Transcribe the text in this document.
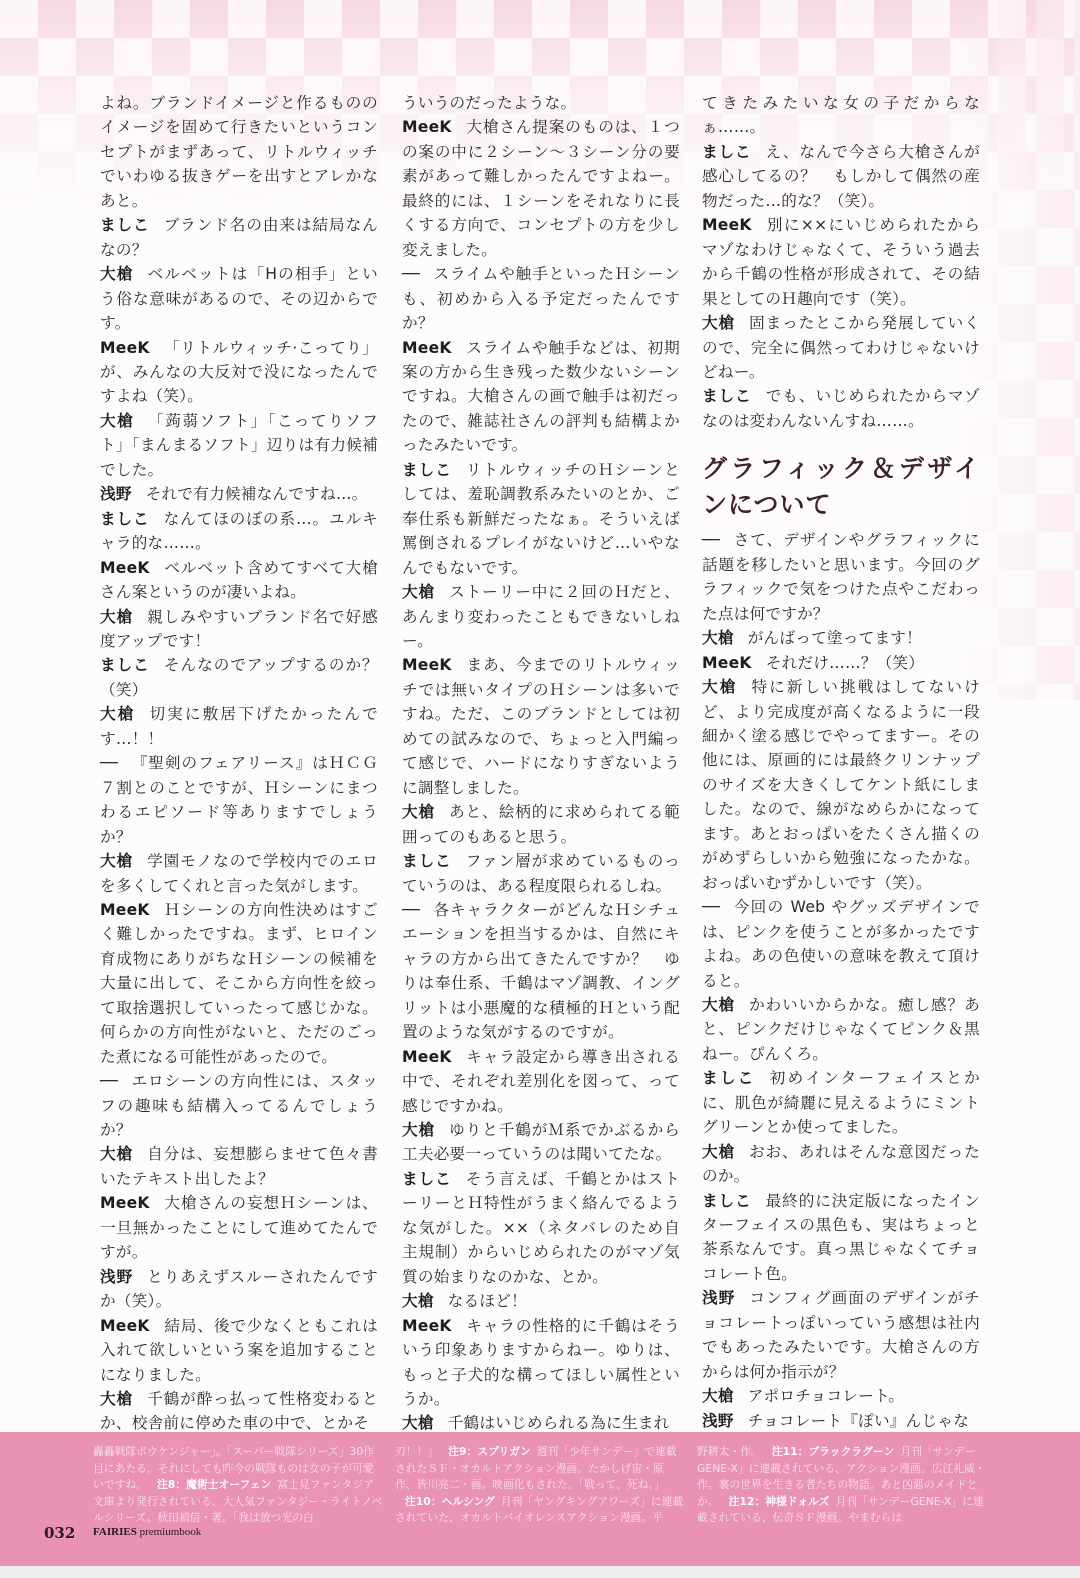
よね。ブランドイメージと作るもののイメージを固めて行きたいというコンセプトがまずあって、リトルウィッチでいわゆる抜きゲーを出すとアレかなあと。

ましこ ブランド名の由来は結局なんなの？

大槍 ベルベットは「Hの相手」という俗な意味があるので、その辺からです。

MeeK 「リトルウィッチ·こってり」が、みんなの大反対で没になったんですよね（笑）。

大槍 「蒟蒻ソフト」「こってりソフト」「まんまるソフト」辺りは有力候補でした。

浅野 それで有力候補なんですね…。

ましこ なんてほのぼの系…。ユルキャラ的な……。

MeeK ベルベット含めてすべて大槍さん案というのが凄いよね。

大槍 親しみやすいブランド名で好感度アップです！

ましこ そんなのでアップするのか？（笑）

大槍 切実に敷居下げたかったんです…！！

── 『聖剣のフェアリース』はＨＣＧ７割とのことですが、Ｈシーンにまつわるエピソード等ありますでしょうか？

大槍 学園モノなので学校内でのエロを多くしてくれと言った気がします。

MeeK Ｈシーンの方向性決めはすごく難しかったですね。まず、ヒロイン育成物にありがちなＨシーンの候補を大量に出して、そこから方向性を絞って取捨選択していったって感じかな。何らかの方向性がないと、ただのごった煮になる可能性があったので。

── エロシーンの方向性には、スタッフの趣味も結構入ってるんでしょうか？

大槍 自分は、妄想膨らませて色々書いたテキスト出したよ？

MeeK 大槍さんの妄想Ｈシーンは、一旦無かったことにして進めてたんですが。

浅野 とりあえずスルーされたんですか（笑）。

MeeK 結局、後で少なくともこれは入れて欲しいという案を追加することになりました。

大槍 千鶴が酔っ払って性格変わるとか、校舎前に停めた車の中で、とかそ

ういうのだったような。

MeeK 大槍さん提案のものは、１つの案の中に２シーン〜３シーン分の要素があって難しかったんですよねー。最終的には、１シーンをそれなりに長くする方向で、コンセプトの方を少し変えました。

── スライムや触手といったＨシーンも、初めから入る予定だったんですか？

MeeK スライムや触手などは、初期案の方から生き残った数少ないシーンですね。大槍さんの画で触手は初だったので、雑誌社さんの評判も結構よかったみたいです。

ましこ リトルウィッチのＨシーンとしては、羞恥調教系みたいのとか、ご奉仕系も新鮮だったなぁ。そういえば罵倒されるプレイがないけど…いやなんでもないです。

大槍 ストーリー中に２回のＨだと、あんまり変わったこともできないしねー。

MeeK まあ、今までのリトルウィッチでは無いタイプのＨシーンは多いですね。ただ、このブランドとしては初めての試みなので、ちょっと入門編って感じで、ハードになりすぎないように調整しました。

大槍 あと、絵柄的に求められてる範囲ってのもあると思う。

ましこ ファン層が求めているものっていうのは、ある程度限られるしね。

── 各キャラクターがどんなＨシチュエーションを担当するかは、自然にキャラの方から出てきたんですか？　ゆりは奉仕系、千鶴はマゾ調教、イングリットは小悪魔的な積極的Ｈという配置のような気がするのですが。

MeeK キャラ設定から導き出される中で、それぞれ差別化を図って、って感じですかね。

大槍 ゆりと千鶴がＭ系でかぶるから工夫必要一っていうのは聞いてたな。

ましこ そう言えば、千鶴とかはストーリーとＨ特性がうまく絡んでるような気がした。××（ネタバレのため自主規制）からいじめられたのがマゾ気質の始まりなのかな、とか。

大槍 なるほど！

MeeK キャラの性格的に千鶴はそういう印象ありますからねー。ゆりは、もっと子犬的な構ってほしい属性というか。

大槍 千鶴はいじめられる為に生まれ

てきたみたいな女の子だからなぁ……。

ましこ え、なんで今さら大槍さんが感心してるの？　もしかして偶然の産物だった…的な？（笑）。

MeeK 別に××にいじめられたからマゾなわけじゃなくて、そういう過去から千鶴の性格が形成されて、その結果としてのＨ趣向です（笑）。

大槍 固まったとこから発展していくので、完全に偶然ってわけじゃないけどねー。

ましこ でも、いじめられたからマゾなのは変わんないんすね……。

グラフィック＆デザインについて

── さて、デザインやグラフィックに話題を移したいと思います。今回のグラフィックで気をつけた点やこだわった点は何ですか？

大槍 がんばって塗ってます！

MeeK それだけ……？（笑）

大槍 特に新しい挑戦はしてないけど、より完成度が高くなるように一段細かく塗る感じでやってますー。その他には、原画的には最終クリンナップのサイズを大きくしてケント紙にしました。なので、線がなめらかになってます。あとおっぱいをたくさん描くのがめずらしいから勉強になったかな。おっぱいむずかしいです（笑）。

── 今回の Web やグッズデザインでは、ピンクを使うことが多かったですよね。あの色使いの意味を教えて頂けると。

大槍 かわいいからかな。癒し感？あと、ピンクだけじゃなくてピンク＆黒ねー。ぴんくろ。

ましこ 初めインターフェイスとかに、肌色が綺麗に見えるようにミントグリーンとか使ってました。

大槍 おお、あれはそんな意図だったのか。

ましこ 最終的に決定版になったインターフェイスの黒色も、実はちょっと茶系なんです。真っ黒じゃなくてチョコレート色。

浅野 コンフィグ画面のデザインがチョコレートっぽいっていう感想は社内でもあったみたいです。大槍さんの方からは何か指示が？

大槍 アポロチョコレート。

浅野 チョコレート『ぽい』んじゃな

轟轟戦隊ボウケンジャー」。「スーパー戦隊シリーズ」30作目にあたる。それにしても昨今の戦隊ものは女の子が可愛いですね。 注8：魔術士オーフェン 富士見ファンタジア文庫より発行されている、大人気ファンタジー・ライトノベルシリーズ。秋田禎信・著。「我は放つ光の白
刃！！」 注9：スプリガン 週刊「少年サンデー」で連載されたＳＦ・オカルトアクション漫画。たかしげ宙・原作、皆川亮二・画。映画化もされた。「戦って、死ね。」注10：ヘルシング 月刊「ヤングキングアワーズ」に連載されていた、オカルトバイオレンスアクション漫画。平
野耕太・作。 注11：ブラックラグーン 月刊「サンデーGENE-X」に連載されている、アクション漫画。広江礼威・作。裏の世界を生きる者たちの物語。あと凶悪のメイドとか。 注12：神様ドォルズ 月刊「サンデーGENE-X」に連載されている、伝奇ＳＦ漫画。やまむらは
032 FAIRIES premiumbook
